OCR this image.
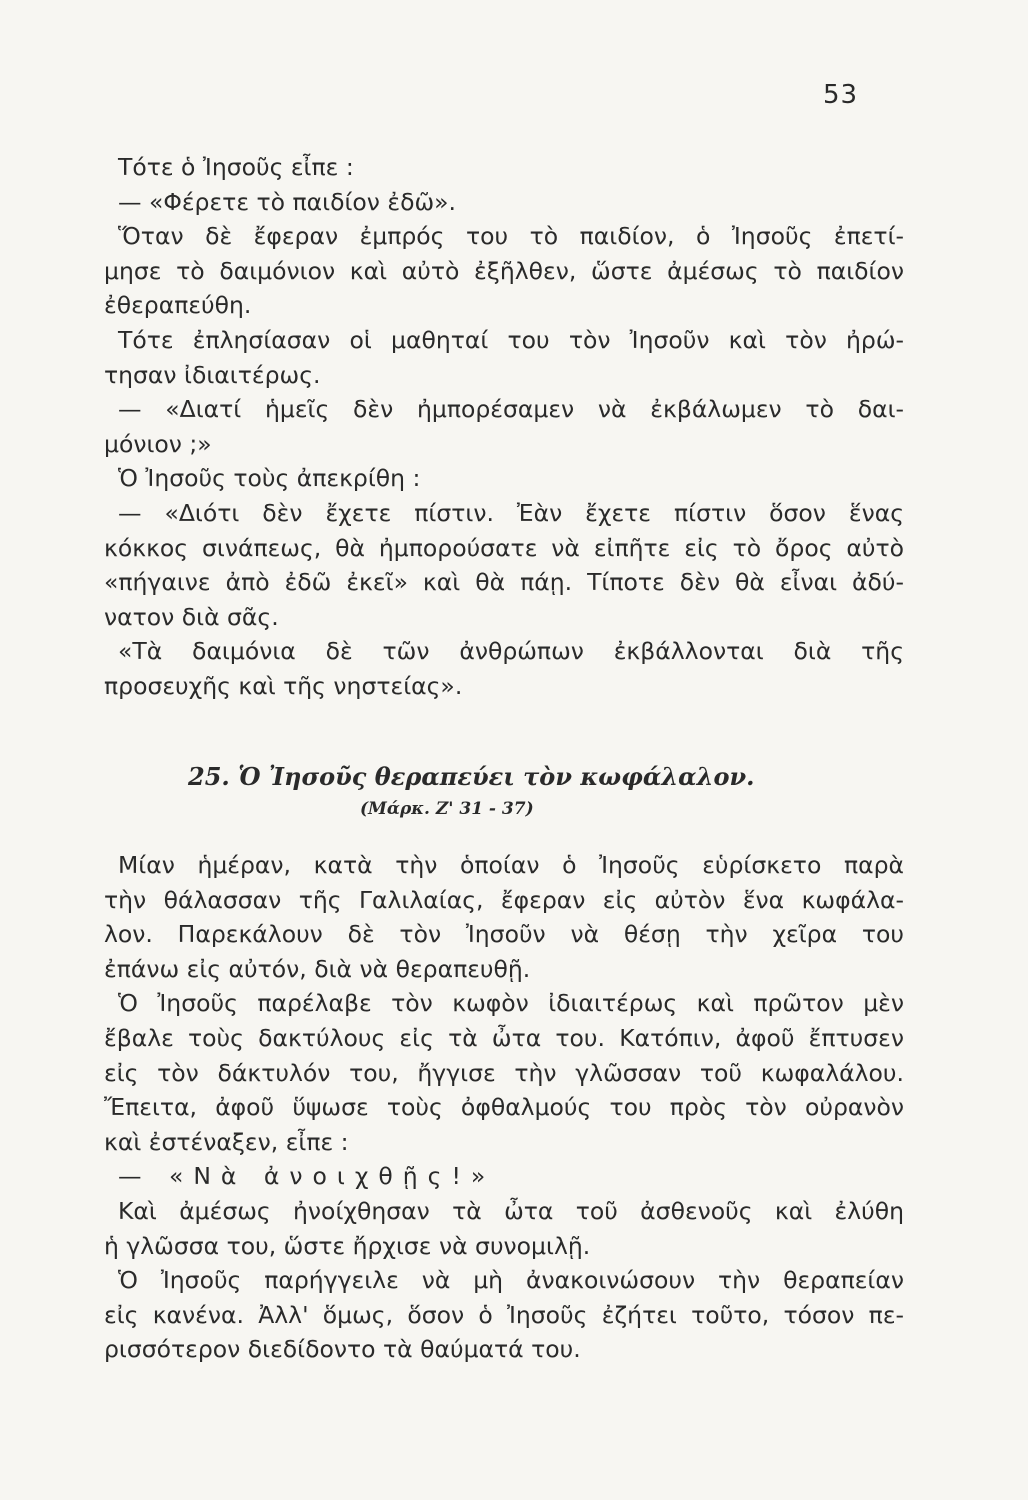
53
Τότε ὁ Ἰησοῦς εἶπε :
— «Φέρετε τὸ παιδίον ἐδῶ».
Ὅταν δὲ ἔφεραν ἐμπρός του τὸ παιδίον, ὁ Ἰησοῦς ἐπετί-
μησε τὸ δαιμόνιον καὶ αὐτὸ ἐξῆλθεν, ὥστε ἀμέσως τὸ παιδίον
ἐθεραπεύθη.
Τότε ἐπλησίασαν οἱ μαθηταί του τὸν Ἰησοῦν καὶ τὸν ἠρώ-
τησαν ἰδιαιτέρως.
— «Διατί ἡμεῖς δὲν ἠμπορέσαμεν νὰ ἐκβάλωμεν τὸ δαι-
μόνιον ;»
Ὁ Ἰησοῦς τοὺς ἀπεκρίθη :
— «Διότι δὲν ἔχετε πίστιν. Ἐὰν ἔχετε πίστιν ὅσον ἕνας
κόκκος σινάπεως, θὰ ἠμπορούσατε νὰ εἰπῆτε εἰς τὸ ὄρος αὐτὸ
«πήγαινε ἀπὸ ἐδῶ ἐκεῖ» καὶ θὰ πάῃ. Τίποτε δὲν θὰ εἶναι ἀδύ-
νατον διὰ σᾶς.
«Τὰ δαιμόνια δὲ τῶν ἀνθρώπων ἐκβάλλονται διὰ τῆς
προσευχῆς καὶ τῆς νηστείας».
25. Ὁ Ἰησοῦς θεραπεύει τὸν κωφάλαλον.
(Μάρκ. Ζ' 31 - 37)
Μίαν ἡμέραν, κατὰ τὴν ὁποίαν ὁ Ἰησοῦς εὑρίσκετο παρὰ
τὴν θάλασσαν τῆς Γαλιλαίας, ἔφεραν εἰς αὐτὸν ἕνα κωφάλα-
λον. Παρεκάλουν δὲ τὸν Ἰησοῦν νὰ θέσῃ τὴν χεῖρα του
ἐπάνω εἰς αὐτόν, διὰ νὰ θεραπευθῇ.
Ὁ Ἰησοῦς παρέλαβε τὸν κωφὸν ἰδιαιτέρως καὶ πρῶτον μὲν
ἔβαλε τοὺς δακτύλους εἰς τὰ ὦτα του. Κατόπιν, ἀφοῦ ἔπτυσεν
εἰς τὸν δάκτυλόν του, ἤγγισε τὴν γλῶσσαν τοῦ κωφαλάλου.
Ἔπειτα, ἀφοῦ ὕψωσε τοὺς ὀφθαλμούς του πρὸς τὸν οὐρανὸν
καὶ ἐστέναξεν, εἶπε :
— «Νὰ ἀνοιχθῇς!»
Καὶ ἀμέσως ἠνοίχθησαν τὰ ὦτα τοῦ ἀσθενοῦς καὶ ἐλύθη
ἡ γλῶσσα του, ὥστε ἤρχισε νὰ συνομιλῇ.
Ὁ Ἰησοῦς παρήγγειλε νὰ μὴ ἀνακοινώσουν τὴν θεραπείαν
εἰς κανένα. Ἀλλ' ὅμως, ὅσον ὁ Ἰησοῦς ἐζήτει τοῦτο, τόσον πε-
ρισσότερον διεδίδοντο τὰ θαύματά του.
